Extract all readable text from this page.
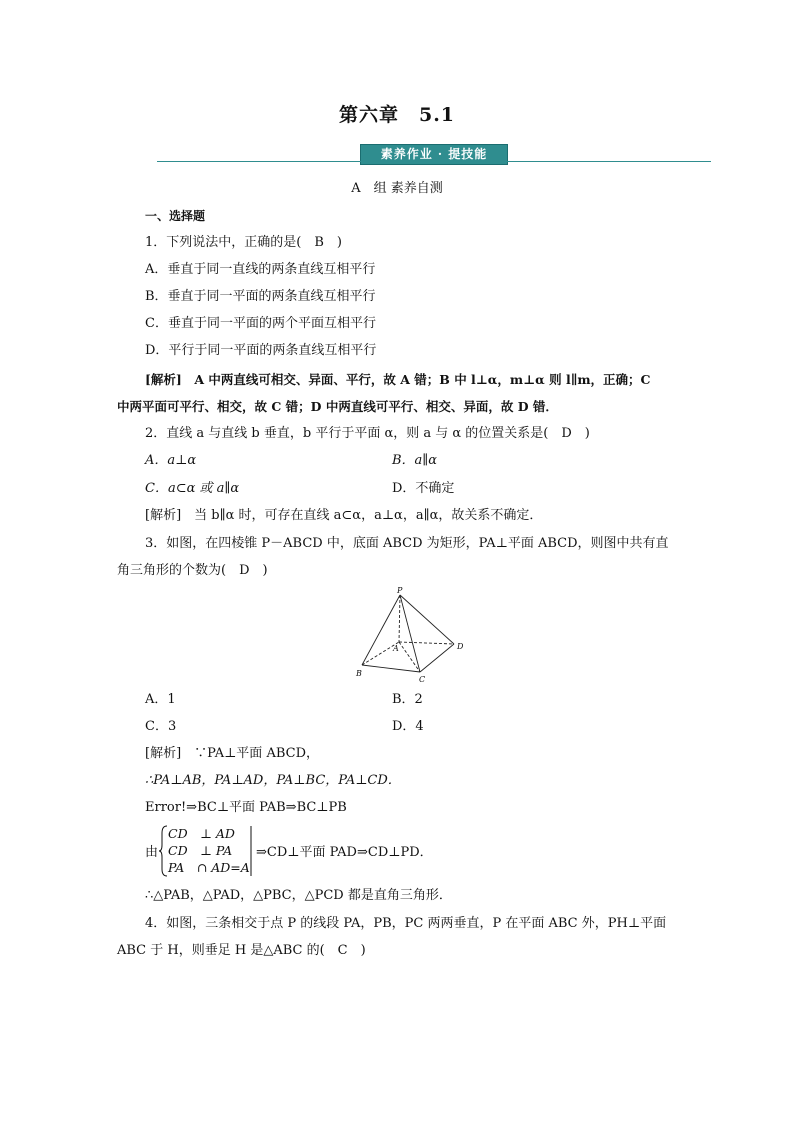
第六章　5.1
素养作业 · 提技能
A　组 素养自测
一、选择题
1．下列说法中，正确的是(　B　)
A．垂直于同一直线的两条直线互相平行
B．垂直于同一平面的两条直线互相平行
C．垂直于同一平面的两个平面互相平行
D．平行于同一平面的两条直线互相平行
[解析]　A 中两直线可相交、异面、平行，故 A 错；B 中 l⊥α，m⊥α 则 l∥m，正确；C
中两平面可平行、相交，故 C 错；D 中两直线可平行、相交、异面，故 D 错．
2．直线 a 与直线 b 垂直，b 平行于平面 α，则 a 与 α 的位置关系是(　D　)
A．a⊥α	B．a∥α
C．a⊂α 或 a∥α	D．不确定
[解析]　当 b∥α 时，可存在直线 a⊂α，a⊥α，a∥α，故关系不确定．
3．如图，在四棱锥 P－ABCD 中，底面 ABCD 为矩形，PA⊥平面 ABCD，则图中共有直
角三角形的个数为(　D　)
P
A
B
C
D
A．1	B．2
C．3	D．4
[解析]　∵PA⊥平面 ABCD，
∴PA⊥AB，PA⊥AD，PA⊥BC，PA⊥CD．
Error!⇒BC⊥平面 PAB⇒BC⊥PB
由
CD　⊥ AD
CD　⊥ PA
PA　∩ AD=A
⇒CD⊥平面 PAD⇒CD⊥PD．
∴△PAB，△PAD，△PBC，△PCD 都是直角三角形．
4．如图，三条相交于点 P 的线段 PA，PB，PC 两两垂直，P 在平面 ABC 外，PH⊥平面
ABC 于 H，则垂足 H 是△ABC 的(　C　)
